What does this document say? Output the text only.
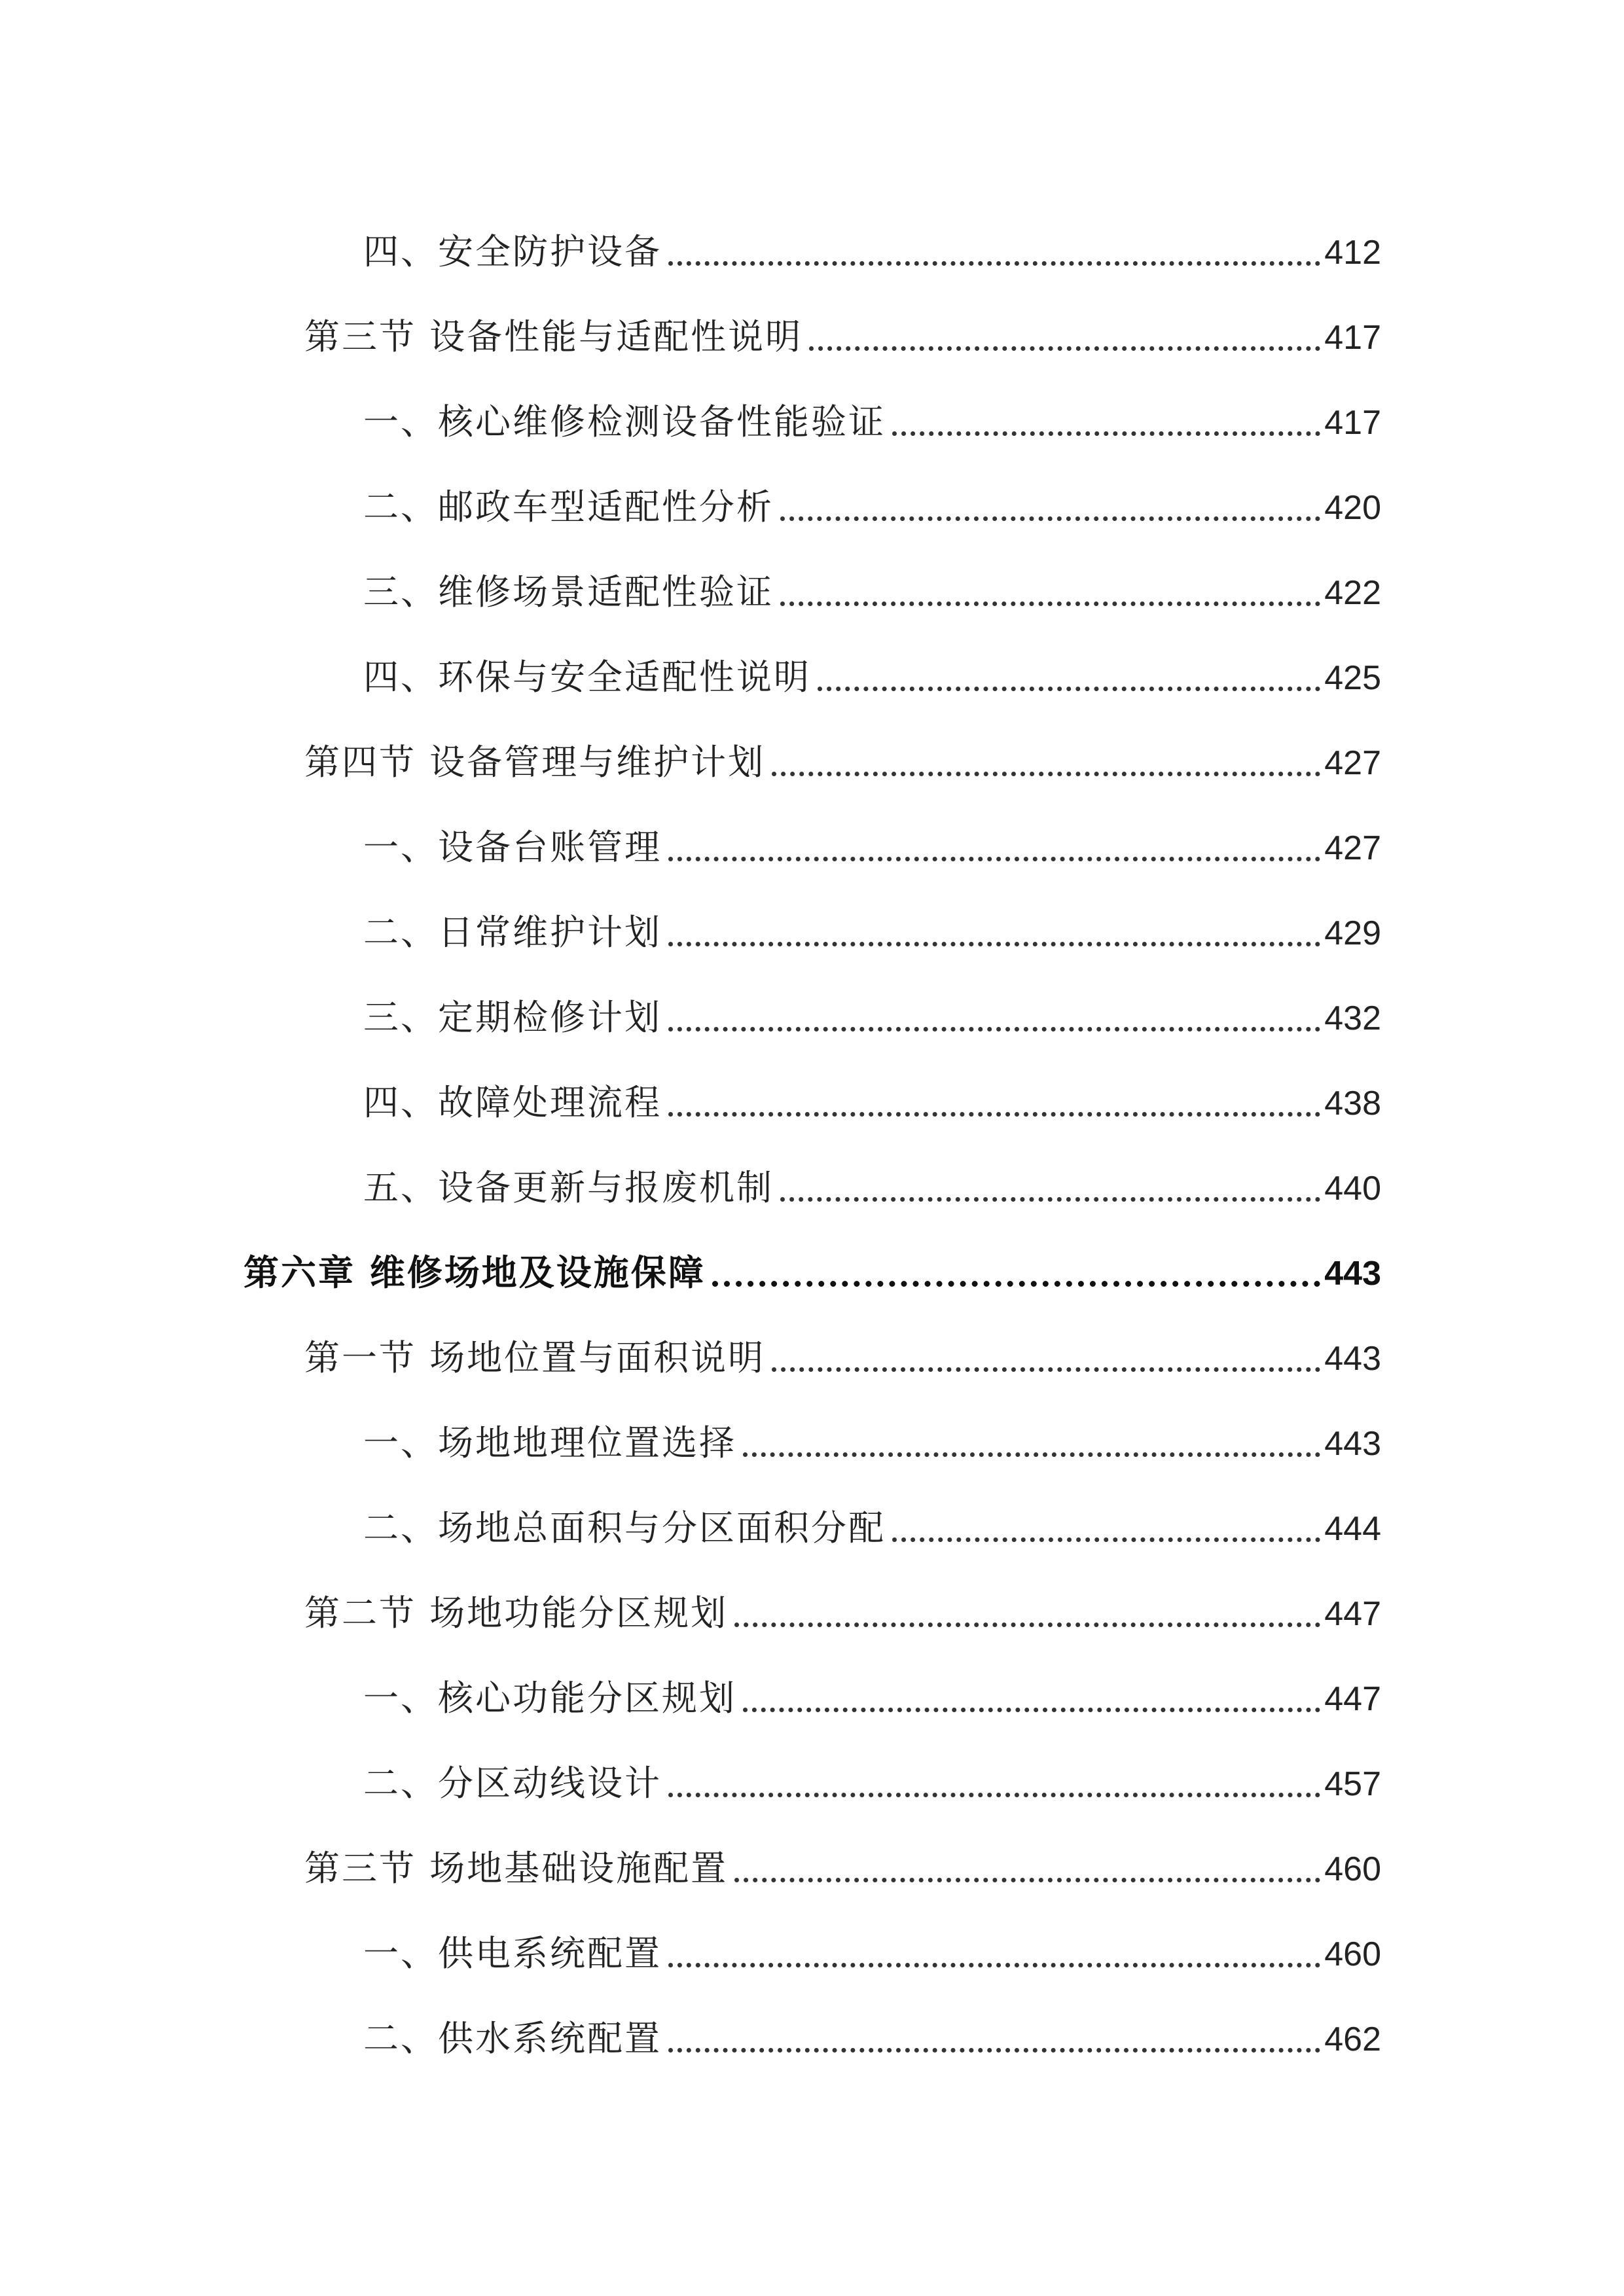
四、安全防护设备	412
第三节 设备性能与适配性说明	417
一、核心维修检测设备性能验证	417
二、邮政车型适配性分析	420
三、维修场景适配性验证	422
四、环保与安全适配性说明	425
第四节 设备管理与维护计划	427
一、设备台账管理	427
二、日常维护计划	429
三、定期检修计划	432
四、故障处理流程	438
五、设备更新与报废机制	440
第六章 维修场地及设施保障	443
第一节 场地位置与面积说明	443
一、场地地理位置选择	443
二、场地总面积与分区面积分配	444
第二节 场地功能分区规划	447
一、核心功能分区规划	447
二、分区动线设计	457
第三节 场地基础设施配置	460
一、供电系统配置	460
二、供水系统配置	462
